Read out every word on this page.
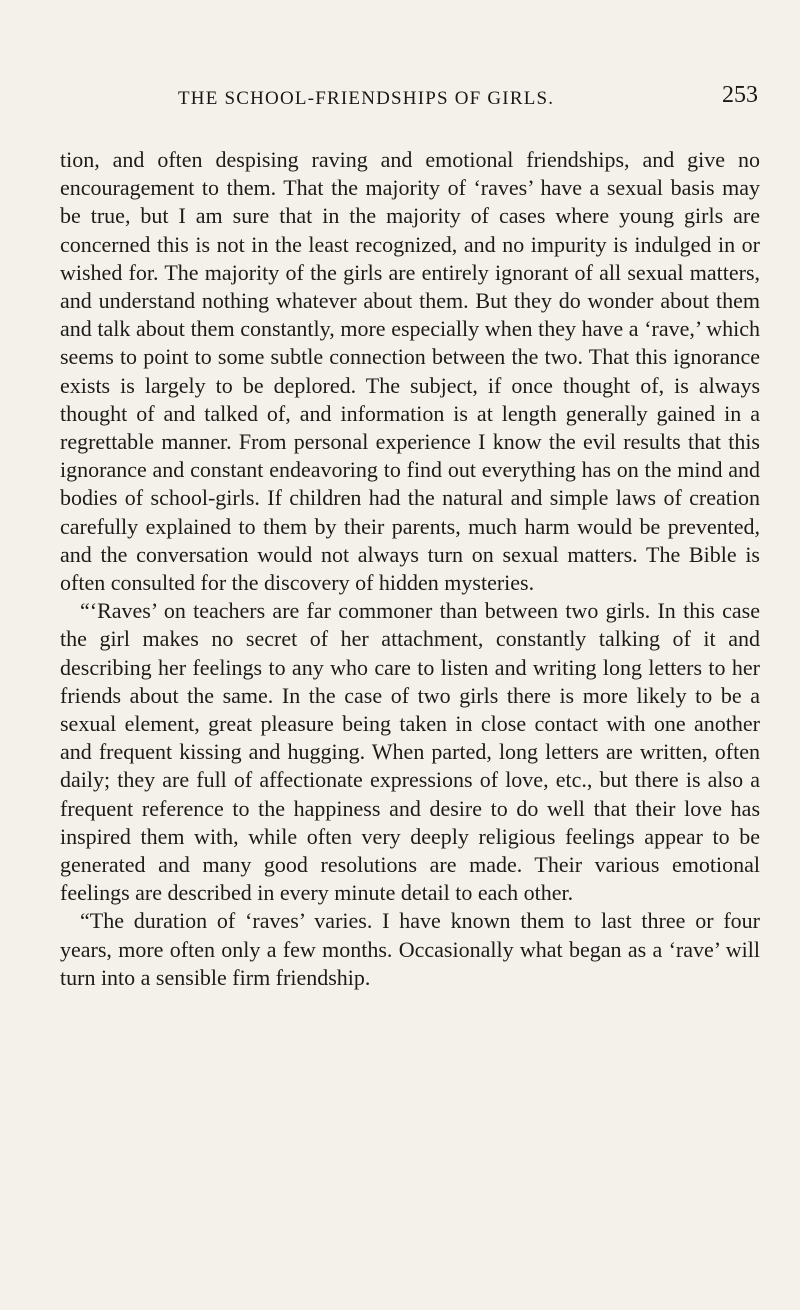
THE SCHOOL-FRIENDSHIPS OF GIRLS.	253

tion, and often despising raving and emotional friendships, and give no encouragement to them. That the majority of ‘raves’ have a sexual basis may be true, but I am sure that in the majority of cases where young girls are concerned this is not in the least recognized, and no impurity is indulged in or wished for. The majority of the girls are entirely ignorant of all sexual matters, and understand nothing whatever about them. But they do wonder about them and talk about them constantly, more especially when they have a ‘rave,’ which seems to point to some subtle connection between the two. That this ignorance exists is largely to be deplored. The subject, if once thought of, is always thought of and talked of, and information is at length generally gained in a regrettable manner. From personal experience I know the evil results that this ignorance and constant endeavoring to find out everything has on the mind and bodies of school-girls. If children had the natural and simple laws of creation carefully explained to them by their parents, much harm would be prevented, and the conversation would not always turn on sexual matters. The Bible is often consulted for the discovery of hidden mysteries.

“‘Raves’ on teachers are far commoner than between two girls. In this case the girl makes no secret of her attachment, constantly talking of it and describing her feelings to any who care to listen and writing long letters to her friends about the same. In the case of two girls there is more likely to be a sexual element, great pleasure being taken in close contact with one another and frequent kissing and hugging. When parted, long letters are written, often daily; they are full of affectionate expressions of love, etc., but there is also a frequent reference to the happiness and desire to do well that their love has inspired them with, while often very deeply religious feelings appear to be generated and many good resolutions are made. Their various emotional feelings are described in every minute detail to each other.

“The duration of ‘raves’ varies. I have known them to last three or four years, more often only a few months. Occasionally what began as a ‘rave’ will turn into a sensible firm friendship.
